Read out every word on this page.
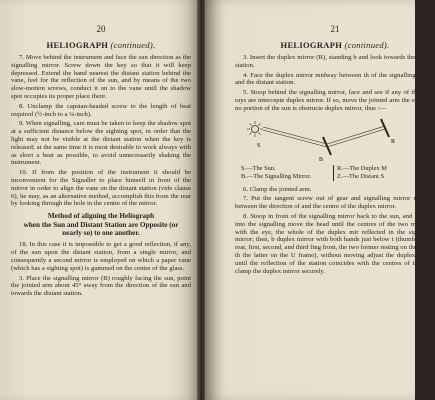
20
HELIOGRAPH (continued).

7. Move behind the instrument and face the sun direction as the signalling mirror. Screw down the key so that it will keep depressed. Extend the hand nearest the distant station behind the vane, feel for the reflection of the sun, and by means of the two slow-motion screws, conduct it on to the vane until the shadow spot occupies its proper place there.

8. Unclamp the capstan-headed screw to the length of beat required (½-inch to a ¼-inch).

9. When signalling, care must be taken to keep the shadow spot at a sufficient distance below the sighting spot, in order that the light may not be visible at the distant station when the key is released; at the same time it is most desirable to work always with as short a beat as possible, to avoid unnecessarily shaking the instrument.

10. If from the position of the instrument it should be inconvenient for the Signaller to place himself in front of the mirror in order to align the vane on the distant station (vide clause 6), he may, as an alternative method, accomplish this from the rear by looking through the hole in the centre of the mirror.

Method of aligning the Heliograph
when the Sun and Distant Station are Opposite (or
nearly so) to one another.

18. In this case it is impossible to get a good reflection, if any, of the sun upon the distant station, from a single mirror, and consequently a second mirror is employed on which a paper vane (which has a sighting spot) is gummed on the centre of the glass.

3. Place the signalling mirror (B) roughly facing the sun, point the jointed arm about 45° away from the direction of the sun and towards the distant station.

21
HELIOGRAPH (continued).

3. Insert the duplex mirror (R), standing b and look towards the distant station.

4. Face the duplex mirror midway between th of the signalling mirror and the distant station.

5. Stoop behind the signalling mirror, face and see if any of the sun's rays are intercepte duplex mirror. If so, move the jointed arm the sun until no portion of the sun is obstructe duplex mirror, thus :—

S
B
R
S.—The Sun.
B.—The Signalling Mirror.
R.—The Duplex M
Z.—The Distant S

6. Clamp the jointed arm.

7. Put the tangent screw out of gear and signalling mirror midway between the direction of and the centre of the duplex mirror.

8. Stoop in front of the signalling mirror back to the sun, and looking into the signalling move the head until the centres of the two mirr line with the eye, the whole of the duplex mir reflected in the signalling mirror; then, b duplex mirror with both hands just below t (thumbs to the rear, first, second, and third fing front, the two former resting on the rim of th the latter on the U frame), without moving adjust the duplex mirror until the reflection of the station coincides with the centres of the mirr clamp the duplex mirror securely.
